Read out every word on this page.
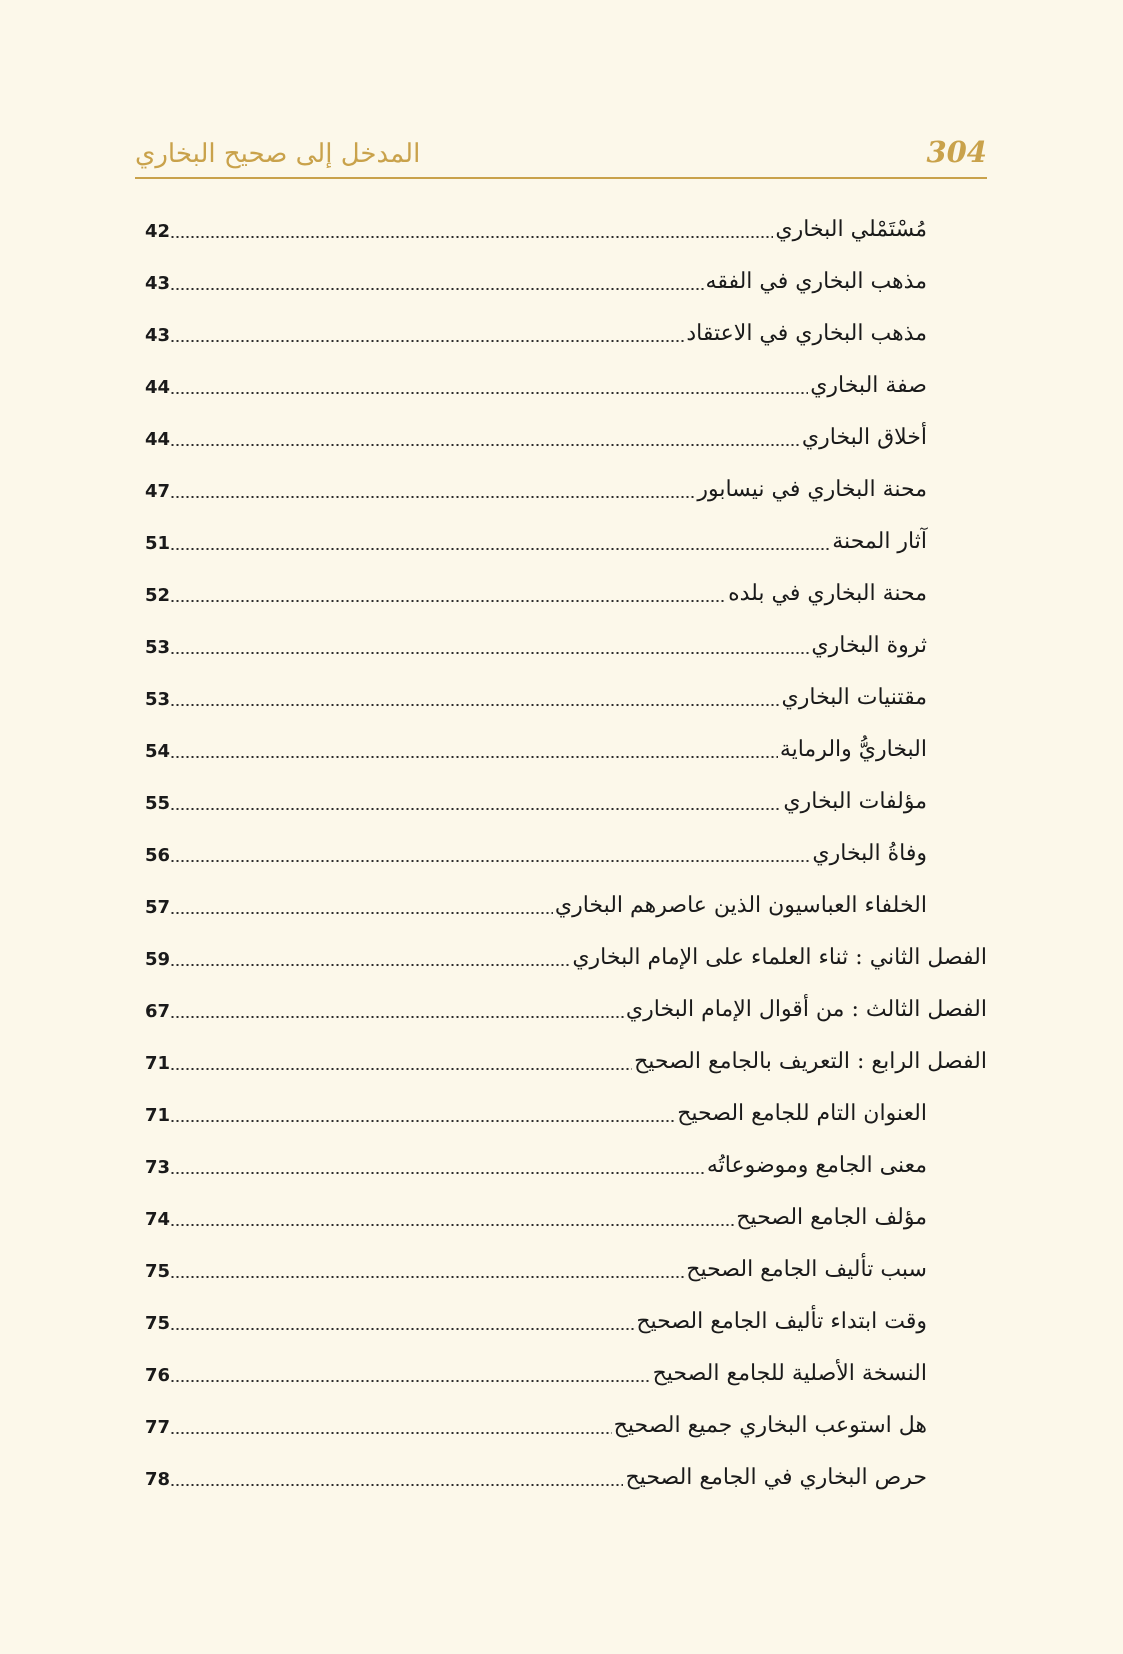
304
المدخل إلى صحيح البخاري
مُسْتَمْلي البخاري
42
مذهب البخاري في الفقه
43
مذهب البخاري في الاعتقاد
43
صفة البخاري
44
أخلاق البخاري
44
محنة البخاري في نيسابور
47
آثار المحنة
51
محنة البخاري في بلده
52
ثروة البخاري
53
مقتنيات البخاري
53
البخاريُّ والرماية
54
مؤلفات البخاري
55
وفاةُ البخاري
56
الخلفاء العباسيون الذين عاصرهم البخاري
57
الفصل الثاني : ثناء العلماء على الإمام البخاري
59
الفصل الثالث : من أقوال الإمام البخاري
67
الفصل الرابع : التعريف بالجامع الصحيح
71
العنوان التام للجامع الصحيح
71
معنى الجامع وموضوعاتُه
73
مؤلف الجامع الصحيح
74
سبب تأليف الجامع الصحيح
75
وقت ابتداء تأليف الجامع الصحيح
75
النسخة الأصلية للجامع الصحيح
76
هل استوعب البخاري جميع الصحيح
77
حرص البخاري في الجامع الصحيح
78
